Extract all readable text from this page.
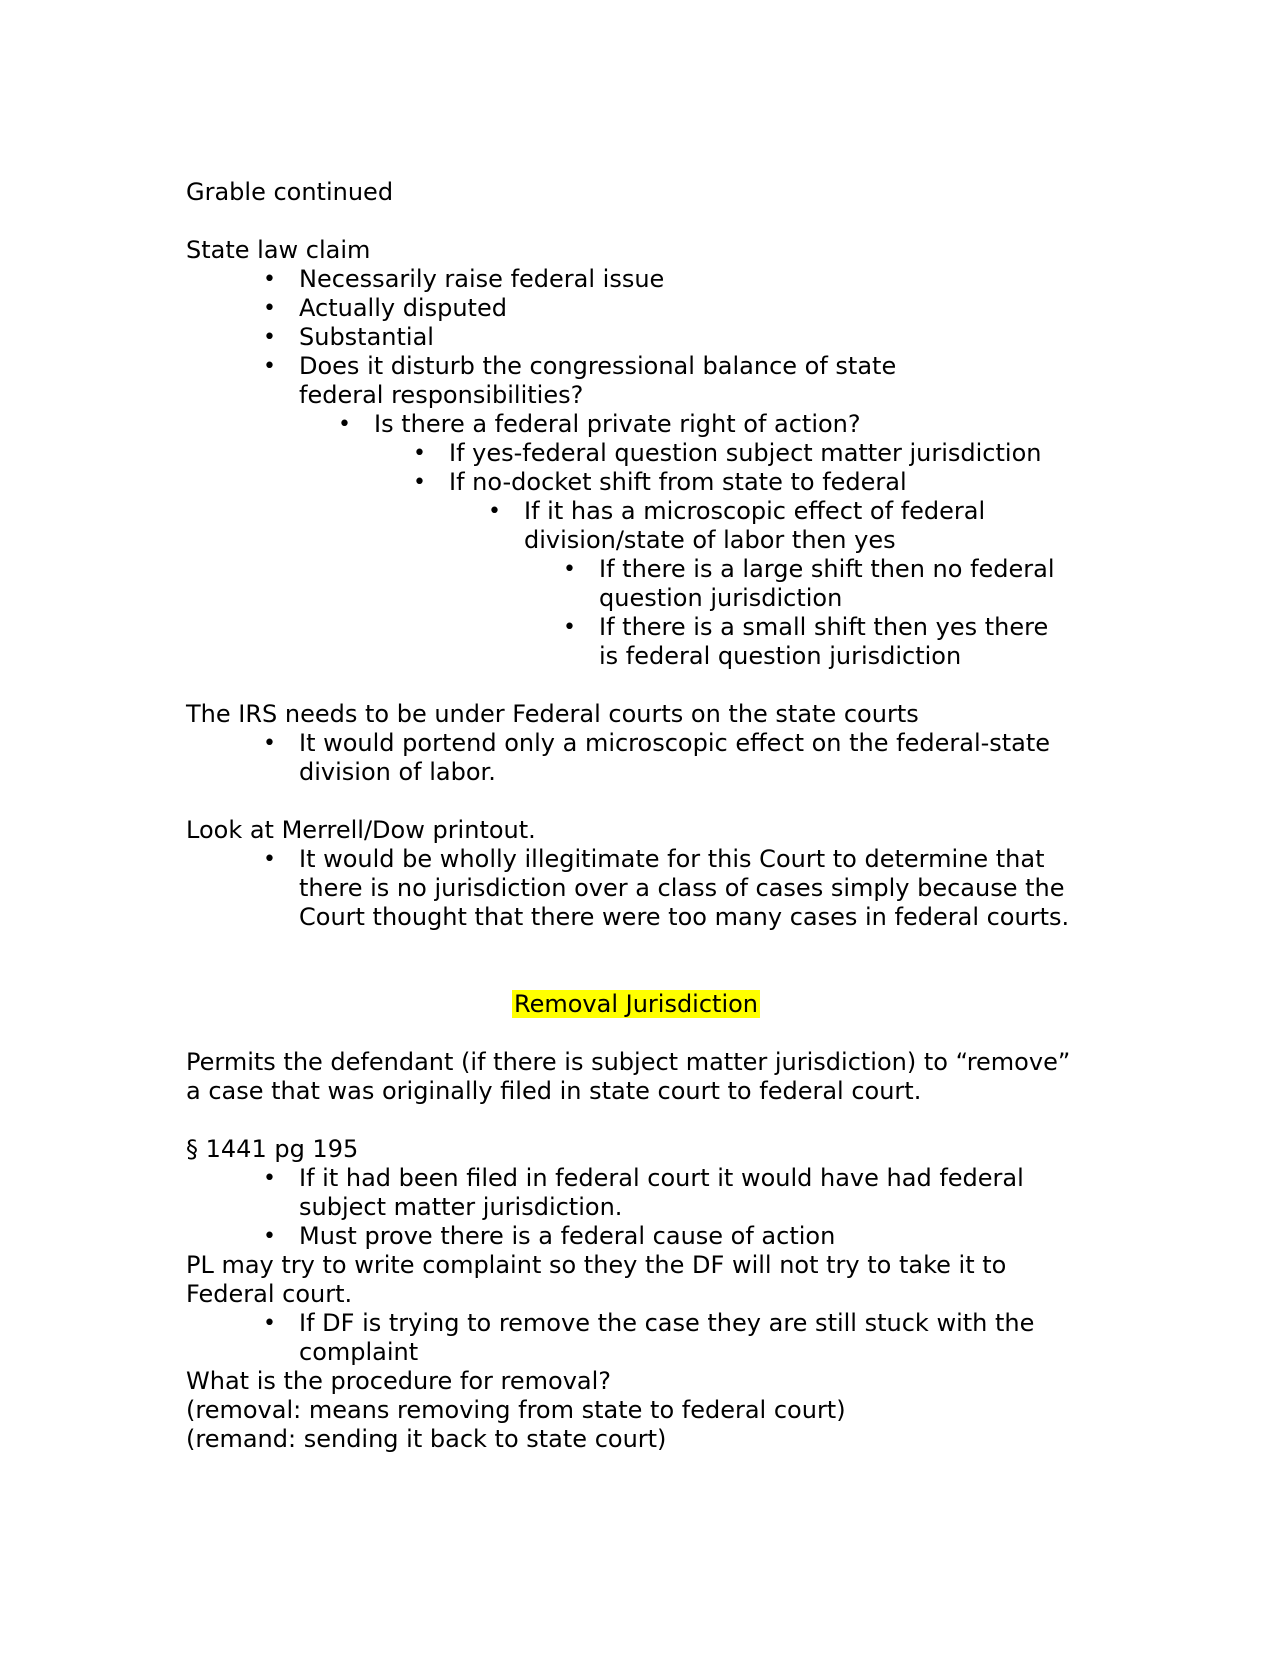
Grable continued

State law claim

• Necessarily raise federal issue
• Actually disputed
• Substantial
• Does it disturb the congressional balance of state federal responsibilities?
• Is there a federal private right of action?
• If yes-federal question subject matter jurisdiction
• If no-docket shift from state to federal
• If it has a microscopic effect of federal division/state of labor then yes
• If there is a large shift then no federal question jurisdiction
• If there is a small shift then yes there is federal question jurisdiction

The IRS needs to be under Federal courts on the state courts

• It would portend only a microscopic effect on the federal-state division of labor.

Look at Merrell/Dow printout.

• It would be wholly illegitimate for this Court to determine that there is no jurisdiction over a class of cases simply because the Court thought that there were too many cases in federal courts.

Removal Jurisdiction

Permits the defendant (if there is subject matter jurisdiction) to “remove” a case that was originally filed in state court to federal court.

§ 1441 pg 195

• If it had been filed in federal court it would have had federal subject matter jurisdiction.
• Must prove there is a federal cause of action

PL may try to write complaint so they the DF will not try to take it to Federal court.

• If DF is trying to remove the case they are still stuck with the complaint

What is the procedure for removal?

(removal: means removing from state to federal court)

(remand: sending it back to state court)
